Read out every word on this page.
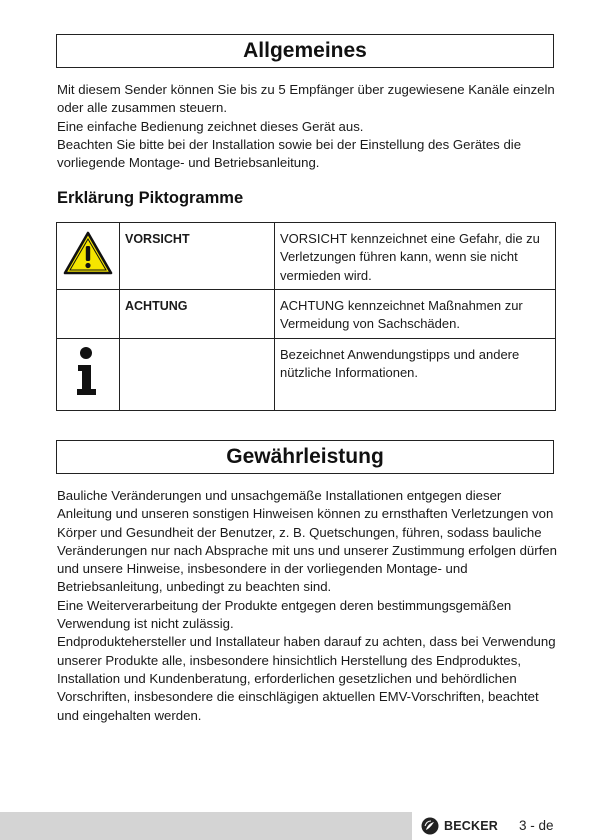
Allgemeines

Mit diesem Sender können Sie bis zu 5 Empfänger über zugewiesene Kanäle einzeln oder alle zusammen steuern.

Eine einfache Bedienung zeichnet dieses Gerät aus.

Beachten Sie bitte bei der Installation sowie bei der Einstellung des Gerätes die vorliegende Montage- und Betriebsanleitung.

Erklärung Piktogramme
	VORSICHT	VORSICHT kennzeichnet eine Gefahr, die zu Verletzungen führen kann, wenn sie nicht vermieden wird.
	ACHTUNG	ACHTUNG kennzeichnet Maßnahmen zur Vermeidung von Sachschäden.
		Bezeichnet Anwendungstipps und andere nützliche Informationen.
Gewährleistung

Bauliche Veränderungen und unsachgemäße Installationen entgegen dieser Anleitung und unseren sonstigen Hinweisen können zu ernsthaften Verletzungen von Körper und Gesundheit der Benutzer, z. B. Quetschungen, führen, sodass bauliche Veränderungen nur nach Absprache mit uns und unserer Zustimmung erfolgen dürfen und unsere Hinweise, insbesondere in der vorliegenden Montage- und Betriebsanleitung, unbedingt zu beachten sind.

Eine Weiterverarbeitung der Produkte entgegen deren bestimmungsgemäßen Verwendung ist nicht zulässig.

Endproduktehersteller und Installateur haben darauf zu achten, dass bei Verwendung unserer Produkte alle, insbesondere hinsichtlich Herstellung des Endproduktes, Installation und Kundenberatung, erforderlichen gesetzlichen und behördlichen Vorschriften, insbesondere die einschlägigen aktuellen EMV-Vorschriften, beachtet und eingehalten werden.

BECKER 3 - de
